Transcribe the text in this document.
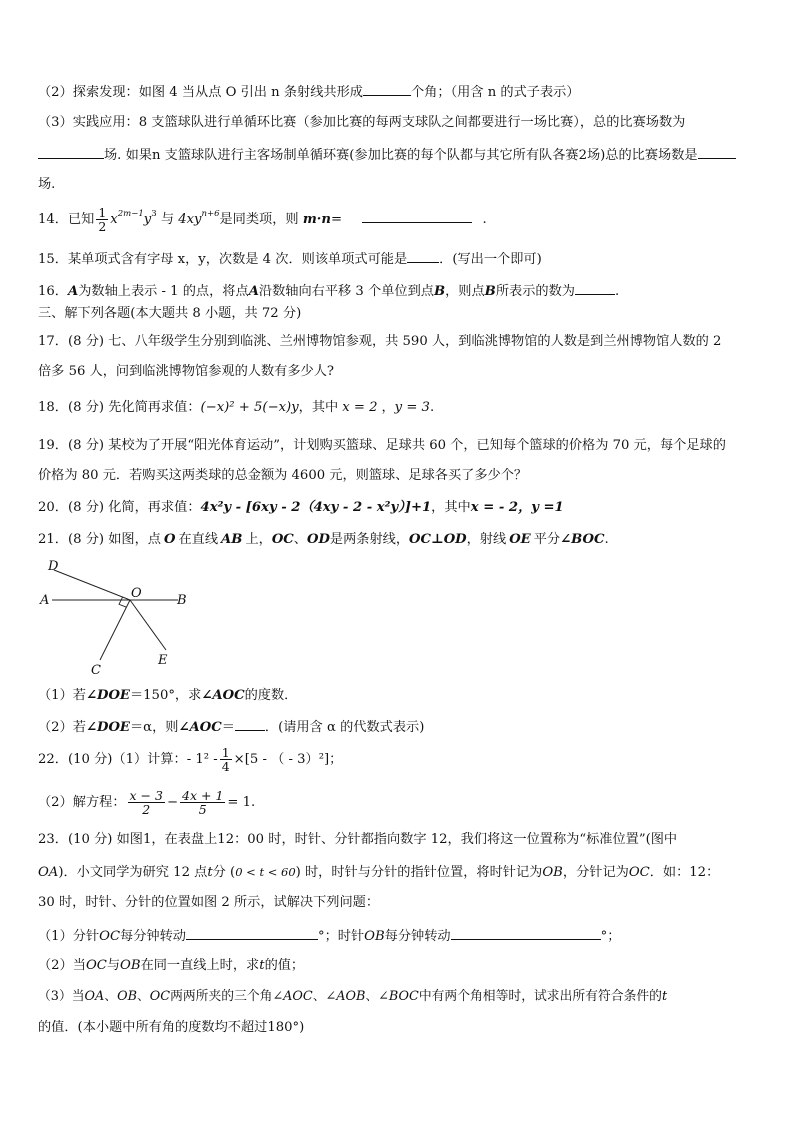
（2）探索发现：如图 4 当从点 O 引出 n 条射线共形成	个角；（用含 n 的式子表示）
（3）实践应用：8 支篮球队进行单循环比赛（参加比赛的每两支球队之间都要进行一场比赛），总的比赛场数为
场. 如果n 支篮球队进行主客场制单循环赛(参加比赛的每个队都与其它所有队各赛2场)总的比赛场数是
场.
14．已知 $\frac{1}{2} x^{2m-1}y^3$ 与 $4xy^{n+6}$是同类项，则 m·n=	.
15．某单项式含有字母 x，y，次数是 4 次．则该单项式可能是 ．(写出一个即可)
16．A为数轴上表示 - 1 的点，将点A沿数轴向右平移 3 个单位到点B，则点B所表示的数为	.
三、解下列各题(本大题共 8 小题，共 72 分)
17．(8 分) 七、八年级学生分别到临洮、兰州博物馆参观，共 590 人，到临洮博物馆的人数是到兰州博物馆人数的 2
倍多 56 人，问到临洮博物馆参观的人数有多少人?
18．(8 分) 先化简再求值：(−x)² + 5(−x)y，其中 x = 2 ，y = 3.
19．(8 分) 某校为了开展“阳光体育运动”，计划购买篮球、足球共 60 个，已知每个篮球的价格为 70 元，每个足球的
价格为 80 元．若购买这两类球的总金额为 4600 元，则篮球、足球各买了多少个？
20．(8 分) 化简，再求值：4x²y - [6xy - 2（4xy - 2 - x²y）]+1，其中x = - 2，y =1
21．(8 分) 如图，点 O 在直线 AB 上，OC、OD是两条射线，OC⊥OD，射线 OE 平分∠BOC.
D
A	O	B
C
E
（1）若∠DOE＝150°，求∠AOC的度数．
（2）若∠DOE＝α，则∠AOC＝ ．(请用含 α 的代数式表示)
22．(10 分)（1）计算：- $1^2 - \frac{1}{4} \times[5$ - （ - 3）²]；
（2）解方程： $\frac{x - 3}{2} - \frac{4x + 1}{5} = 1$.
23．(10 分) 如图1，在表盘上12：00 时，时针、分针都指向数字 12，我们将这一位置称为“标准位置”(图中
OA)．小文同学为研究 12 点t分 (0 < t < 60) 时，时针与分针的指针位置，将时针记为OB，分针记为OC．如：12：
30 时，时针、分针的位置如图 2 所示，试解决下列问题：
（1）分针OC每分钟转动	°；时针OB每分钟转动	°；
（2）当OC与OB在同一直线上时，求t的值；
（3）当OA、OB、OC两两所夹的三个角∠AOC、∠AOB、∠BOC中有两个角相等时，试求出所有符合条件的t
的值．(本小题中所有角的度数均不超过180°)
